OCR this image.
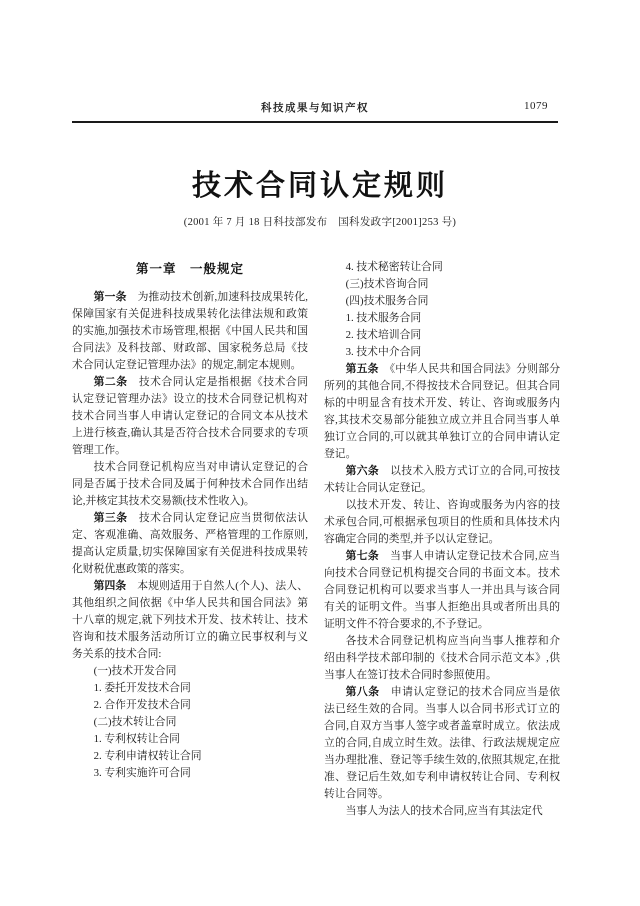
科技成果与知识产权	1079
技术合同认定规则
(2001 年 7 月 18 日科技部发布　国科发政字[2001]253 号)
第一章　一般规定

第一条　为推动技术创新,加速科技成果转化,保障国家有关促进科技成果转化法律法规和政策的实施,加强技术市场管理,根据《中国人民共和国合同法》及科技部、财政部、国家税务总局《技术合同认定登记管理办法》的规定,制定本规则。

第二条　技术合同认定是指根据《技术合同认定登记管理办法》设立的技术合同登记机构对技术合同当事人申请认定登记的合同文本从技术上进行核查,确认其是否符合技术合同要求的专项管理工作。

技术合同登记机构应当对申请认定登记的合同是否属于技术合同及属于何种技术合同作出结论,并核定其技术交易额(技术性收入)。

第三条　技术合同认定登记应当贯彻依法认定、客观准确、高效服务、严格管理的工作原则,提高认定质量,切实保障国家有关促进科技成果转化财税优惠政策的落实。

第四条　本规则适用于自然人(个人)、法人、其他组织之间依据《中华人民共和国合同法》第十八章的规定,就下列技术开发、技术转让、技术咨询和技术服务活动所订立的确立民事权利与义务关系的技术合同:

(一)技术开发合同

1. 委托开发技术合同

2. 合作开发技术合同

(二)技术转让合同

1. 专利权转让合同

2. 专利申请权转让合同

3. 专利实施许可合同

4. 技术秘密转让合同

(三)技术咨询合同

(四)技术服务合同

1. 技术服务合同

2. 技术培训合同

3. 技术中介合同

第五条　《中华人民共和国合同法》分则部分所列的其他合同,不得按技术合同登记。但其合同标的中明显含有技术开发、转让、咨询或服务内容,其技术交易部分能独立成立并且合同当事人单独订立合同的,可以就其单独订立的合同申请认定登记。

第六条　以技术入股方式订立的合同,可按技术转让合同认定登记。

以技术开发、转让、咨询或服务为内容的技术承包合同,可根据承包项目的性质和具体技术内容确定合同的类型,并予以认定登记。

第七条　当事人申请认定登记技术合同,应当向技术合同登记机构提交合同的书面文本。技术合同登记机构可以要求当事人一并出具与该合同有关的证明文件。当事人拒绝出具或者所出具的证明文件不符合要求的,不予登记。

各技术合同登记机构应当向当事人推荐和介绍由科学技术部印制的《技术合同示范文本》,供当事人在签订技术合同时参照使用。

第八条　申请认定登记的技术合同应当是依法已经生效的合同。当事人以合同书形式订立的合同,自双方当事人签字或者盖章时成立。依法成立的合同,自成立时生效。法律、行政法规规定应当办理批准、登记等手续生效的,依照其规定,在批准、登记后生效,如专利申请权转让合同、专利权转让合同等。

当事人为法人的技术合同,应当有其法定代
